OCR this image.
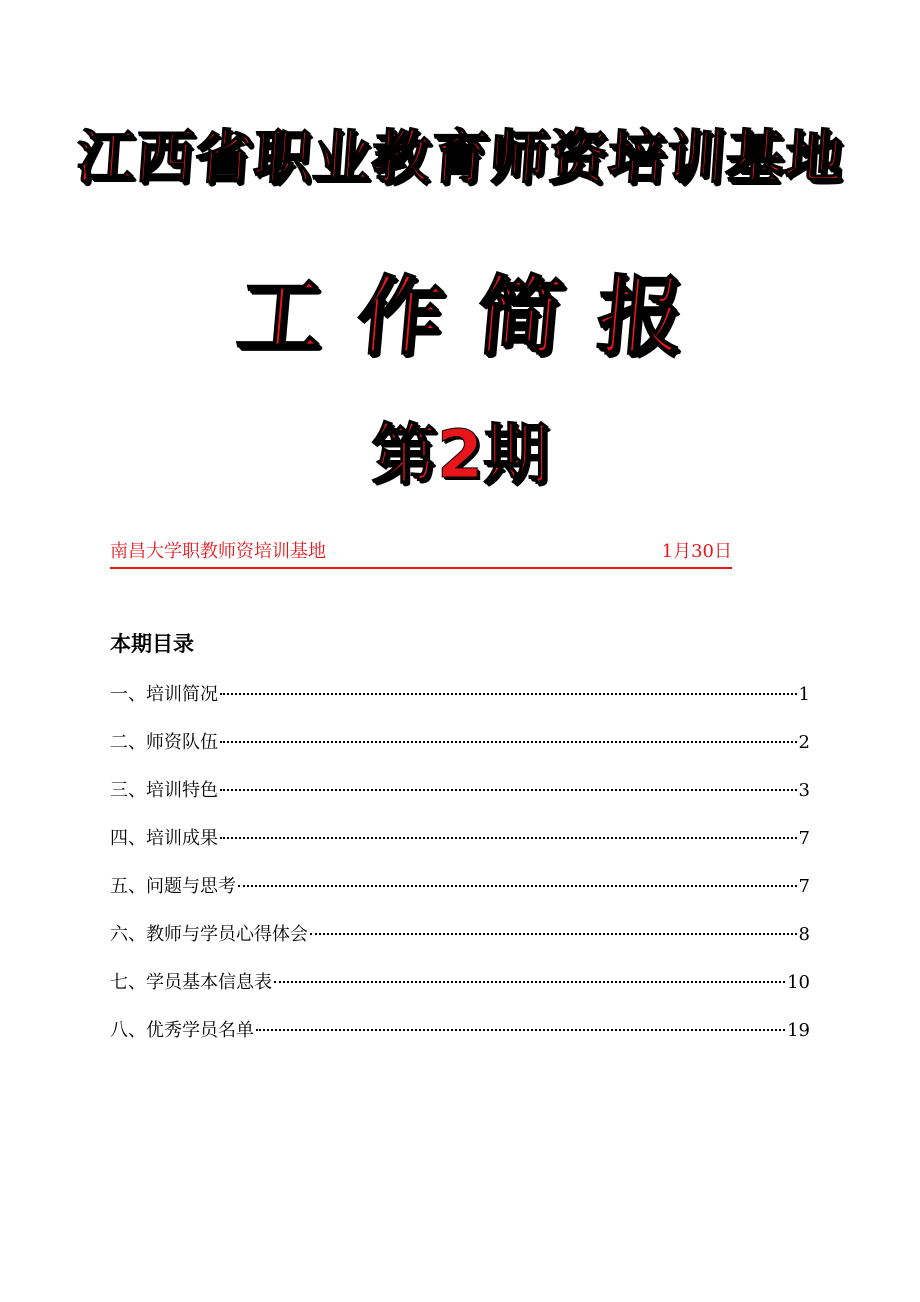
江西省职业教育师资培训基地
工作简报
第2期
南昌大学职教师资培训基地	1月30日
本期目录
一、培训简况	1
二、师资队伍	2
三、培训特色	3
四、培训成果	7
五、问题与思考	7
六、教师与学员心得体会	8
七、学员基本信息表	10
八、优秀学员名单	19
